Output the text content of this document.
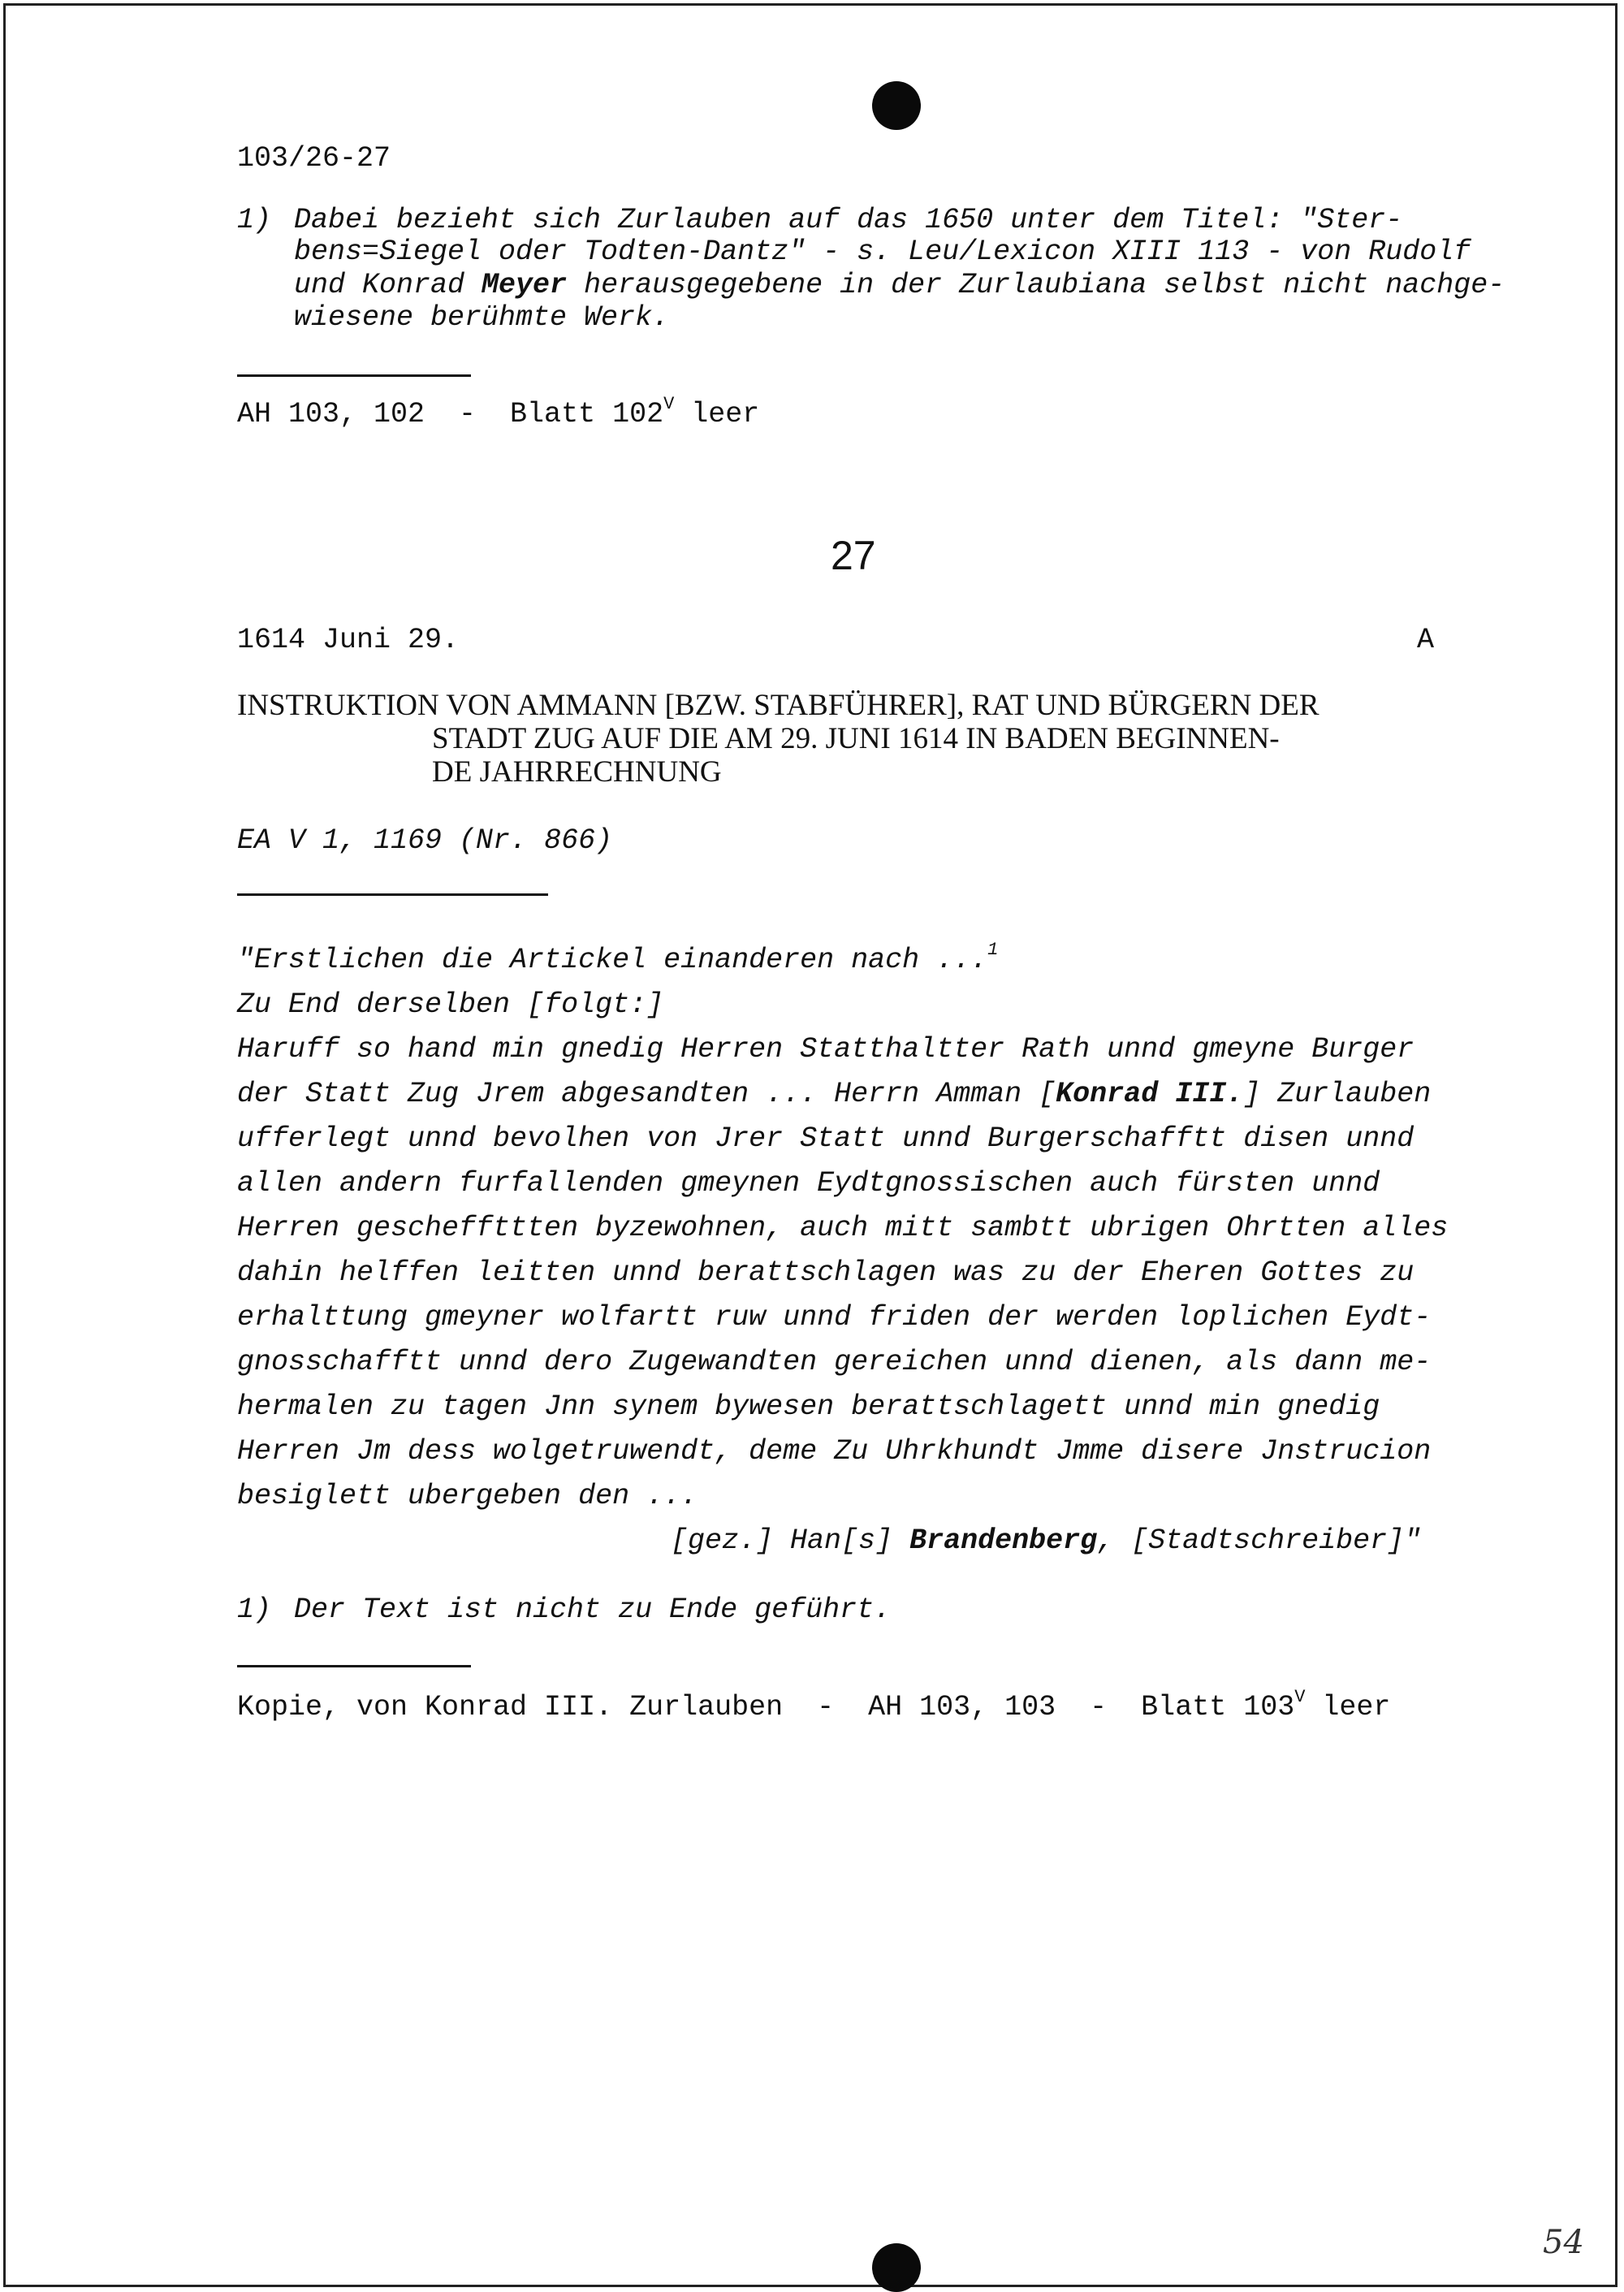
103/26-27
1) Dabei bezieht sich Zurlauben auf das 1650 unter dem Titel: "Ster-
bens=Siegel oder Todten-Dantz" - s. Leu/Lexicon XIII 113 - von Rudolf
und Konrad Meyer herausgegebene in der Zurlaubiana selbst nicht nachge-
wiesene berühmte Werk.
AH 103, 102  -  Blatt $102^V$ leer
27
1614 Juni 29.	A
INSTRUKTION VON AMMANN [BZW. STABFÜHRER], RAT UND BÜRGERN DER
STADT ZUG AUF DIE AM 29. JUNI 1614 IN BADEN BEGINNEN-
DE JAHRRECHNUNG
EA V 1, 1169 (Nr. 866)
"Erstlichen die Artickel einanderen nach ...$^1$
Zu End derselben [folgt:]
Haruff so hand min gnedig Herren Statthaltter Rath unnd gmeyne Burger
der Statt Zug Jrem abgesandten ... Herrn Amman [Konrad III.] Zurlauben
ufferlegt unnd bevolhen von Jrer Statt unnd Burgerschafftt disen unnd
allen andern furfallenden gmeynen Eydtgnossischen auch fürsten unnd
Herren gescheffttten byzewohnen, auch mitt sambtt ubrigen Ohrtten alles
dahin helffen leitten unnd berattschlagen was zu der Eheren Gottes zu
erhalttung gmeyner wolfartt ruw unnd friden der werden loplichen Eydt-
gnosschafftt unnd dero Zugewandten gereichen unnd dienen, als dann me-
hermalen zu tagen Jnn synem bywesen berattschlagett unnd min gnedig
Herren Jm dess wolgetruwendt, deme Zu Uhrkhundt Jmme disere Jnstrucion
besiglett ubergeben den ...
[gez.] Han[s] Brandenberg, [Stadtschreiber]"
1) Der Text ist nicht zu Ende geführt.
Kopie, von Konrad III. Zurlauben  -  AH 103, 103  -  Blatt $103^V$ leer
54
